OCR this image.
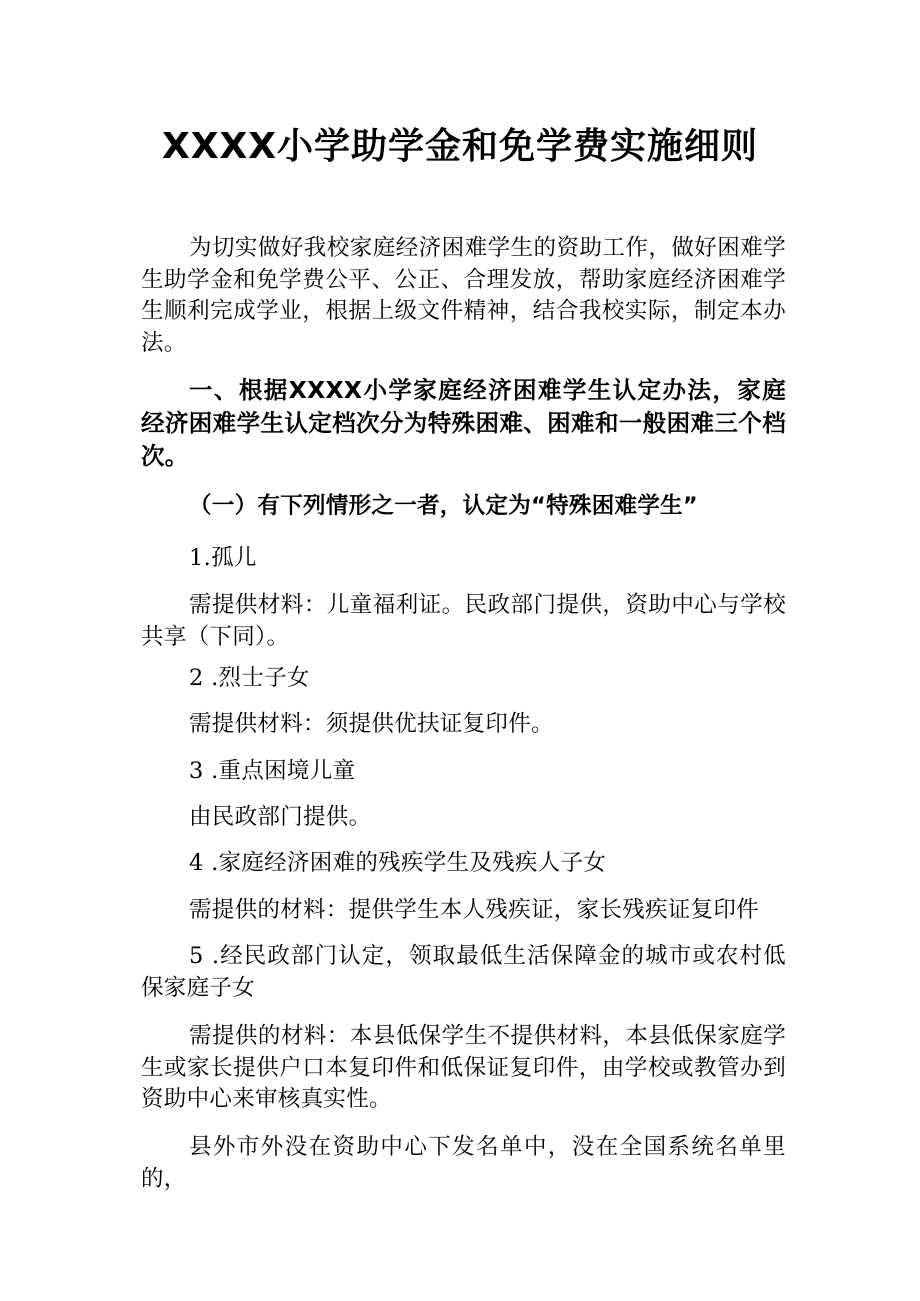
XXXX小学助学金和免学费实施细则
为切实做好我校家庭经济困难学生的资助工作，做好困难学生助学金和免学费公平、公正、合理发放，帮助家庭经济困难学生顺利完成学业，根据上级文件精神，结合我校实际，制定本办法。
一、根据XXXX小学家庭经济困难学生认定办法，家庭经济困难学生认定档次分为特殊困难、困难和一般困难三个档次。
（一）有下列情形之一者，认定为“特殊困难学生”
1.孤儿
需提供材料：儿童福利证。民政部门提供，资助中心与学校共享（下同）。
2 .烈士子女
需提供材料：须提供优扶证复印件。
3 .重点困境儿童
由民政部门提供。
4 .家庭经济困难的残疾学生及残疾人子女
需提供的材料：提供学生本人残疾证，家长残疾证复印件
5 .经民政部门认定，领取最低生活保障金的城市或农村低保家庭子女
需提供的材料：本县低保学生不提供材料，本县低保家庭学生或家长提供户口本复印件和低保证复印件，由学校或教管办到资助中心来审核真实性。
县外市外没在资助中心下发名单中，没在全国系统名单里的，
